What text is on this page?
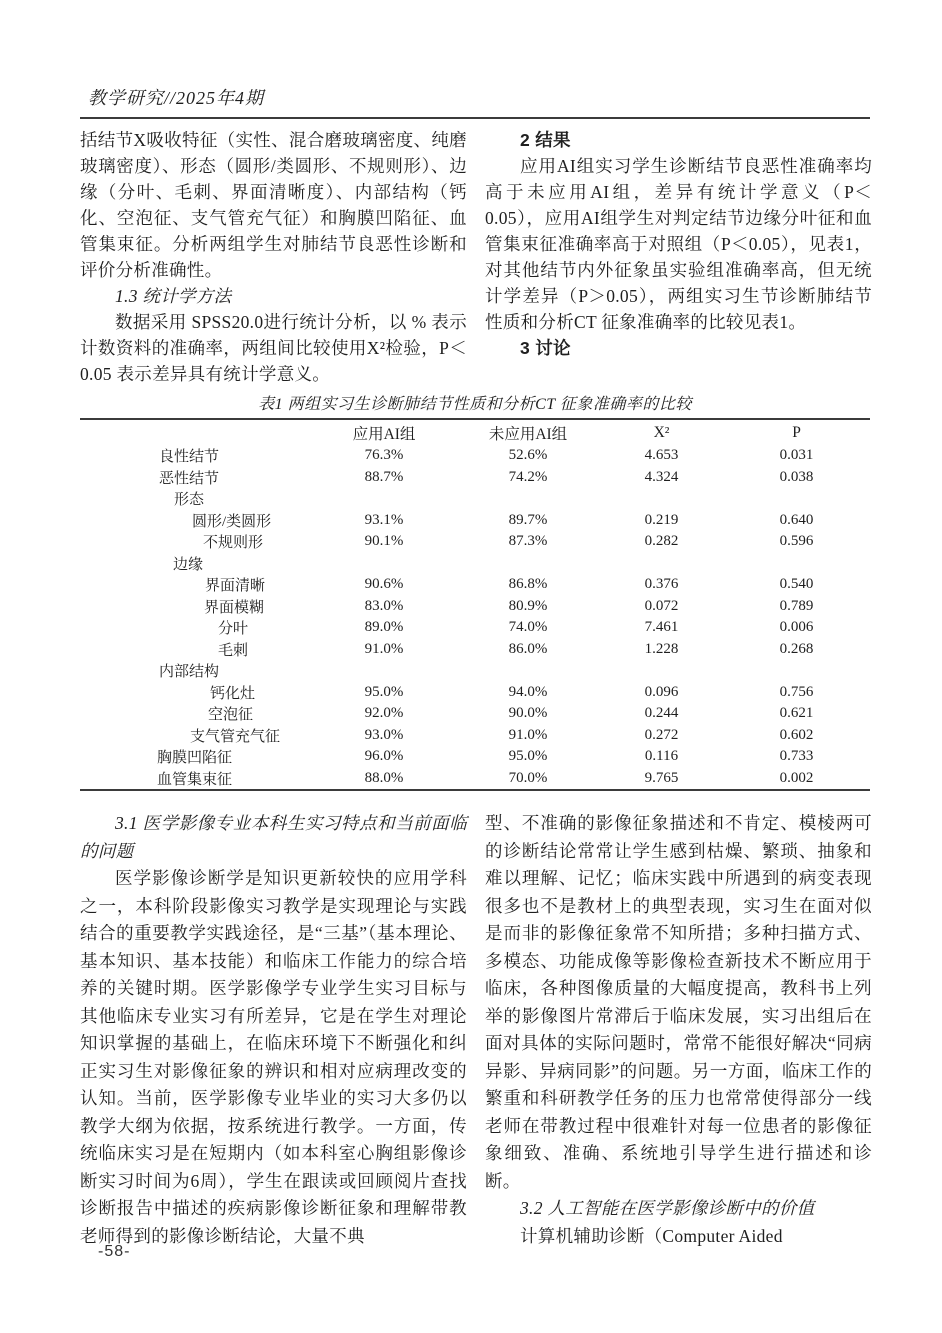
教学研究//2025年4期

括结节X吸收特征（实性、混合磨玻璃密度、纯磨玻璃密度）、形态（圆形/类圆形、不规则形）、边缘（分叶、毛刺、界面清晰度）、内部结构（钙化、空泡征、支气管充气征）和胸膜凹陷征、血管集束征。分析两组学生对肺结节良恶性诊断和评价分析准确性。

1.3 统计学方法

数据采用 SPSS20.0进行统计分析，以 % 表示计数资料的准确率，两组间比较使用X²检验，P＜0.05 表示差异具有统计学意义。

2 结果

应用AI组实习学生诊断结节良恶性准确率均高于未应用AI组，差异有统计学意义（P＜0.05），应用AI组学生对判定结节边缘分叶征和血管集束征准确率高于对照组（P＜0.05），见表1，对其他结节内外征象虽实验组准确率高，但无统计学差异（P＞0.05），两组实习生节诊断肺结节性质和分析CT 征象准确率的比较见表1。

3 讨论

表1 两组实习生诊断肺结节性质和分析CT 征象准确率的比较

	应用AI组	未应用AI组	X²	P
良性结节	76.3%	52.6%	4.653	0.031
恶性结节	88.7%	74.2%	4.324	0.038
形态				
圆形/类圆形	93.1%	89.7%	0.219	0.640
不规则形	90.1%	87.3%	0.282	0.596
边缘				
界面清晰	90.6%	86.8%	0.376	0.540
界面模糊	83.0%	80.9%	0.072	0.789
分叶	89.0%	74.0%	7.461	0.006
毛刺	91.0%	86.0%	1.228	0.268
内部结构				
钙化灶	95.0%	94.0%	0.096	0.756
空泡征	92.0%	90.0%	0.244	0.621
支气管充气征	93.0%	91.0%	0.272	0.602
胸膜凹陷征	96.0%	95.0%	0.116	0.733
血管集束征	88.0%	70.0%	9.765	0.002

3.1 医学影像专业本科生实习特点和当前面临的问题

医学影像诊断学是知识更新较快的应用学科之一，本科阶段影像实习教学是实现理论与实践结合的重要教学实践途径，是“三基”（基本理论、基本知识、基本技能）和临床工作能力的综合培养的关键时期。医学影像学专业学生实习目标与其他临床专业实习有所差异，它是在学生对理论知识掌握的基础上，在临床环境下不断强化和纠正实习生对影像征象的辨识和相对应病理改变的认知。当前，医学影像专业毕业的实习大多仍以教学大纲为依据，按系统进行教学。一方面，传统临床实习是在短期内（如本科室心胸组影像诊断实习时间为6周），学生在跟读或回顾阅片查找诊断报告中描述的疾病影像诊断征象和理解带教老师得到的影像诊断结论，大量不典

型、不准确的影像征象描述和不肯定、模棱两可的诊断结论常常让学生感到枯燥、繁琐、抽象和难以理解、记忆；临床实践中所遇到的病变表现很多也不是教材上的典型表现，实习生在面对似是而非的影像征象常不知所措；多种扫描方式、多模态、功能成像等影像检查新技术不断应用于临床，各种图像质量的大幅度提高，教科书上列举的影像图片常滞后于临床发展，实习出组后在面对具体的实际问题时，常常不能很好解决“同病异影、异病同影”的问题。另一方面，临床工作的繁重和科研教学任务的压力也常常使得部分一线老师在带教过程中很难针对每一位患者的影像征象细致、准确、系统地引导学生进行描述和诊断。

3.2 人工智能在医学影像诊断中的价值

计算机辅助诊断（Computer Aided

-58-
